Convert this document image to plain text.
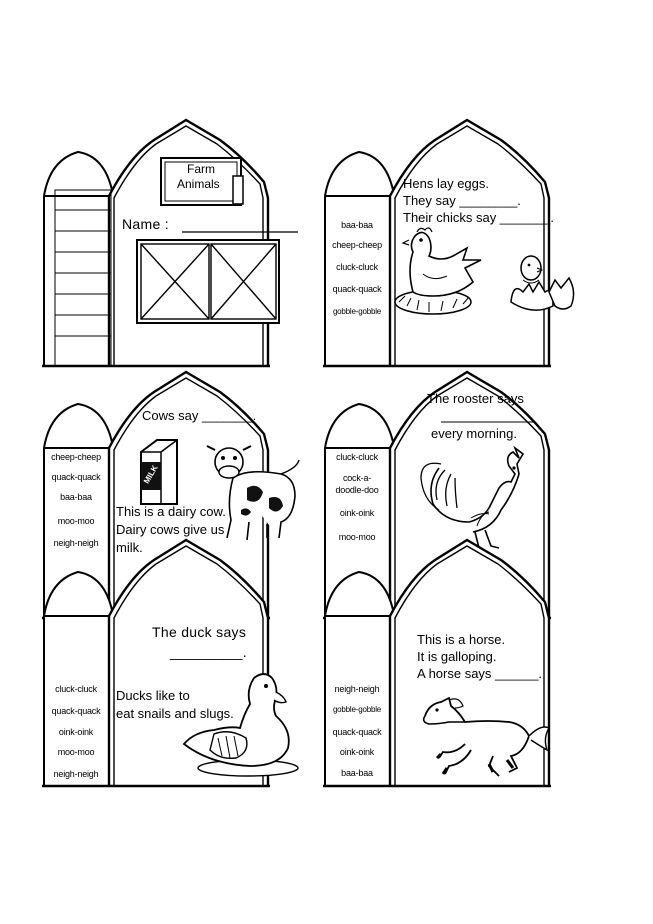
Farm
Animals
Name :	baa-baa
cheep-cheep
cluck-cluck
quack-quack
gobble-gobble
Hens lay eggs.
They say ________.
Their chicks say _______.
cheep-cheep
quack-quack
baa-baa
moo-moo
neigh-neigh
Cows say _______.
MILK
This is a dairy cow.
Dairy cows give us
milk.
cluck-cluck
cock-a-
doodle-doo
oink-oink
moo-moo
The rooster says
every morning.
cluck-cluck
quack-quack
oink-oink
moo-moo
neigh-neigh
The duck says
_________.
Ducks like to
eat snails and slugs.
neigh-neigh
gobble-gobble
quack-quack
oink-oink
baa-baa
This is a horse.
It is galloping.
A horse says ______.
